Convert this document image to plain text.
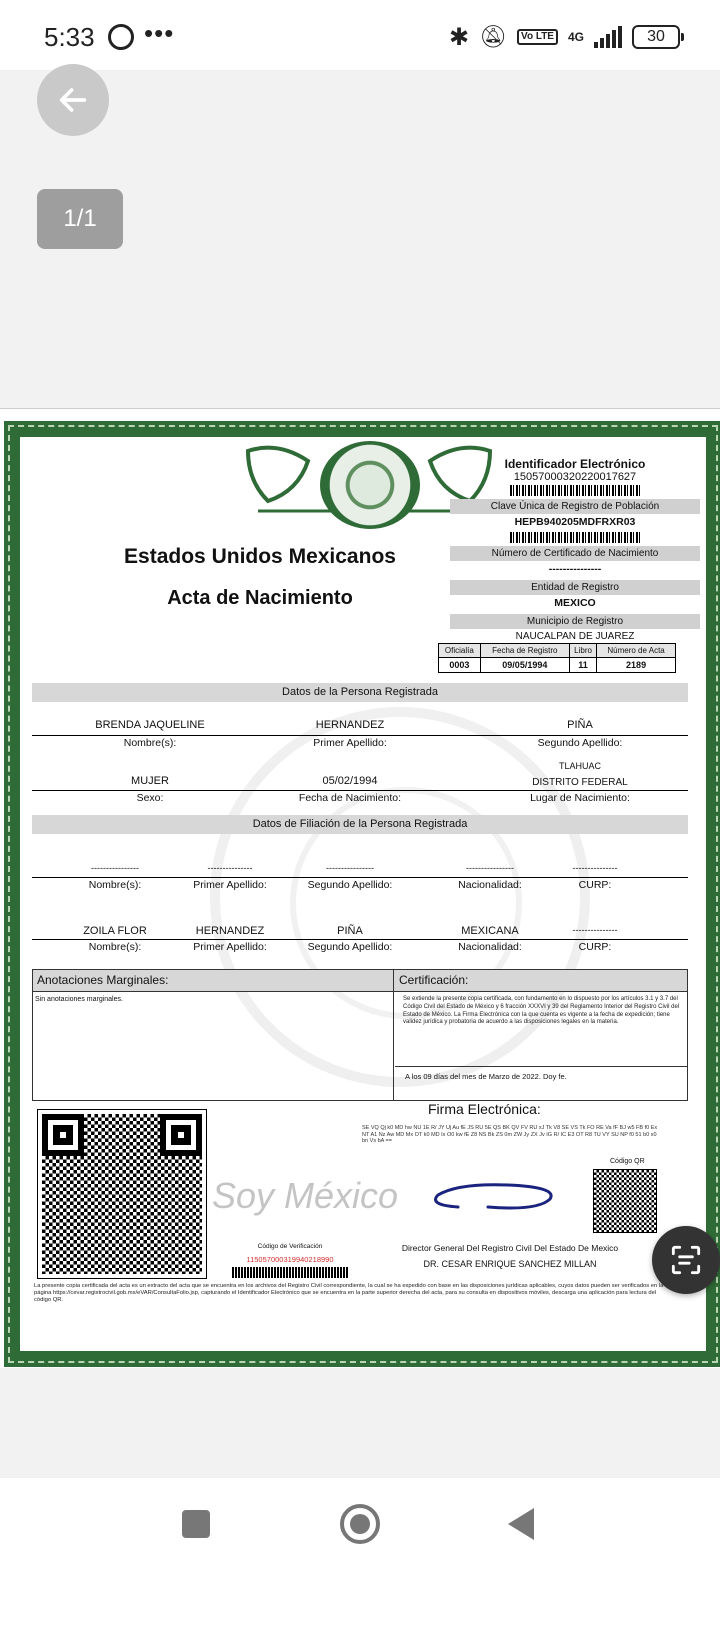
5:33 •••	✱ 🔕︎	Vo LTE	4G	30
1/1
Estados Unidos Mexicanos
Acta de Nacimiento
Identificador Electrónico
15057000320220017627
Clave Única de Registro de Población
HEPB940205MDFRXR03
Número de Certificado de Nacimiento
---------------
Entidad de Registro
MEXICO
Municipio de Registro
NAUCALPAN DE JUAREZ
Oficialía	Fecha de Registro	Libro	Número de Acta
0003	09/05/1994	11	2189
Datos de la Persona Registrada
BRENDA JAQUELINE	HERNANDEZ	PIÑA
Nombre(s):	Primer Apellido:	Segundo Apellido:
TLAHUAC
MUJER	05/02/1994	DISTRITO FEDERAL
Sexo:	Fecha de Nacimiento:	Lugar de Nacimiento:
Datos de Filiación de la Persona Registrada
----------------	---------------	----------------	----------------	---------------
Nombre(s):	Primer Apellido:	Segundo Apellido:	Nacionalidad:	CURP:
ZOILA FLOR	HERNANDEZ	PIÑA	MEXICANA	---------------
Nombre(s):	Primer Apellido:	Segundo Apellido:	Nacionalidad:	CURP:
Anotaciones Marginales:	Certificación:
Sin anotaciones marginales.	Se extiende la presente copia certificada, con fundamento en lo dispuesto por los artículos 3.1 y 3.7 del Código Civil del Estado de México y 6 fracción XXXVI y 39 del Reglamento Interior del Registro Civil del Estado de México. La Firma Electrónica con la que cuenta es vigente a la fecha de expedición; tiene validez jurídica y probatoria de acuerdo a las disposiciones legales en la materia.
A los 09 días del mes de Marzo de 2022. Doy fe.
Soy México
Firma Electrónica:
SE VQ Qj k0 MD hw NU 1E R/ JY Uj Au fE JS RU 5E QS BK QV FV RU xJ Tk V8 SE VS Tk FO RE Va fF BJ w5 FB f0 Ex NT A1 Nz Aw MD Mx OT k0 MD Ix O0 kw fE Z8 NS Bk ZS 0m ZW Jy ZX Jv IG R/ IC E3 OT R8 TU VY SU NP f0 51 b0 x0 bn Vs bA ==
Código QR
Código de Verificación
115057000319940218990
Director General Del Registro Civil Del Estado De Mexico
DR. CESAR ENRIQUE SANCHEZ MILLAN
La presente copia certificada del acta es un extracto del acta que se encuentra en los archivos del Registro Civil correspondiente, la cual se ha expedido con base en las disposiciones jurídicas aplicables, cuyos datos pueden ser verificados en la página https://cevar.registrocivil.gob.mx/eVAR/ConsultaFolio.jsp, capturando el Identificador Electrónico que se encuentra en la parte superior derecha del acta, para su consulta en dispositivos móviles, descarga una aplicación para lectura del código QR.
